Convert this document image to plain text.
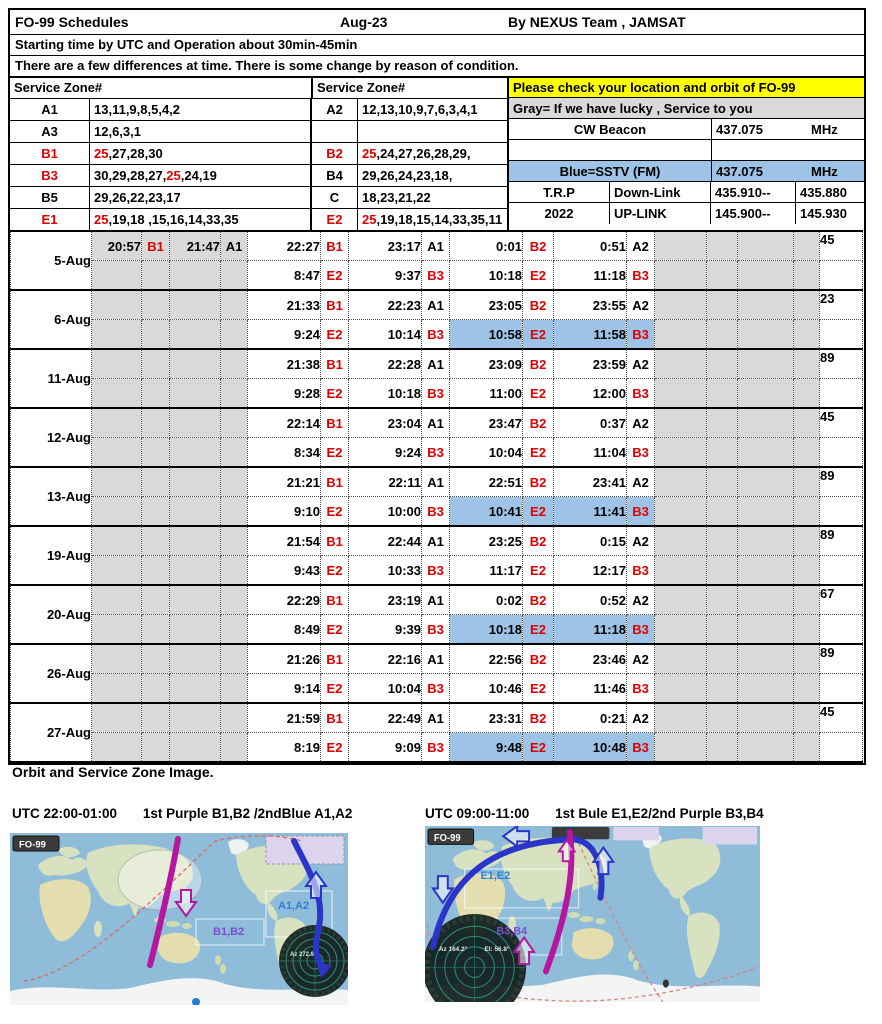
FO-99 Schedules	Aug-23	By NEXUS Team , JAMSAT
Starting time by UTC and Operation about 30min-45min
There are a few differences at time. There is some change by reason of condition.
Service Zone#	Service Zone#
A1	13,11,9,8,5,4,2	A2	12,13,10,9,7,6,3,4,1
A3	12,6,3,1
B1	25,27,28,30	B2	25,24,27,26,28,29,
B3	30,29,28,27,25,24,19	B4	29,26,24,23,18,
B5	29,26,22,23,17	C	18,23,21,22
E1	25,19,18 ,15,16,14,33,35	E2	25,19,18,15,14,33,35,11
Please check your location and orbit of FO-99
Gray= If we have lucky , Service to you
CW Beacon	437.075	MHz
Blue=SSTV (FM)	437.075	MHz
T.R.P	Down-Link	435.910--	435.880
2022	UP-LINK	145.900--	145.930
5-Aug	20:57	B1	21:47	A1	22:27	B1	23:17	A1	0:01	B2	0:51	A2					45
					8:47	E2	9:37	B3	10:18	E2	11:18	B3					
6-Aug					21:33	B1	22:23	A1	23:05	B2	23:55	A2					23
					9:24	E2	10:14	B3	10:58	E2	11:58	B3					
11-Aug					21:38	B1	22:28	A1	23:09	B2	23:59	A2					89
					9:28	E2	10:18	B3	11:00	E2	12:00	B3					
12-Aug					22:14	B1	23:04	A1	23:47	B2	0:37	A2					45
					8:34	E2	9:24	B3	10:04	E2	11:04	B3					
13-Aug					21:21	B1	22:11	A1	22:51	B2	23:41	A2					89
					9:10	E2	10:00	B3	10:41	E2	11:41	B3					
19-Aug					21:54	B1	22:44	A1	23:25	B2	0:15	A2					89
					9:43	E2	10:33	B3	11:17	E2	12:17	B3					
20-Aug					22:29	B1	23:19	A1	0:02	B2	0:52	A2					67
					8:49	E2	9:39	B3	10:18	E2	11:18	B3					
26-Aug					21:26	B1	22:16	A1	22:56	B2	23:46	A2					89
					9:14	E2	10:04	B3	10:46	E2	11:46	B3					
27-Aug					21:59	B1	22:49	A1	23:31	B2	0:21	A2					45
					8:19	E2	9:09	B3	9:48	E2	10:48	B3					
Orbit and Service Zone Image.
UTC 22:00-01:00 1st Purple B1,B2 /2ndBlue A1,A2	UTC 09:00-11:00 1st Bule E1,E2/2nd Purple B3,B4
Az 272.9°
B1,B2
A1,A2
FO-99
Az 164.2°	El: 56.8°
E1,E2
B3,B4
FO-99
